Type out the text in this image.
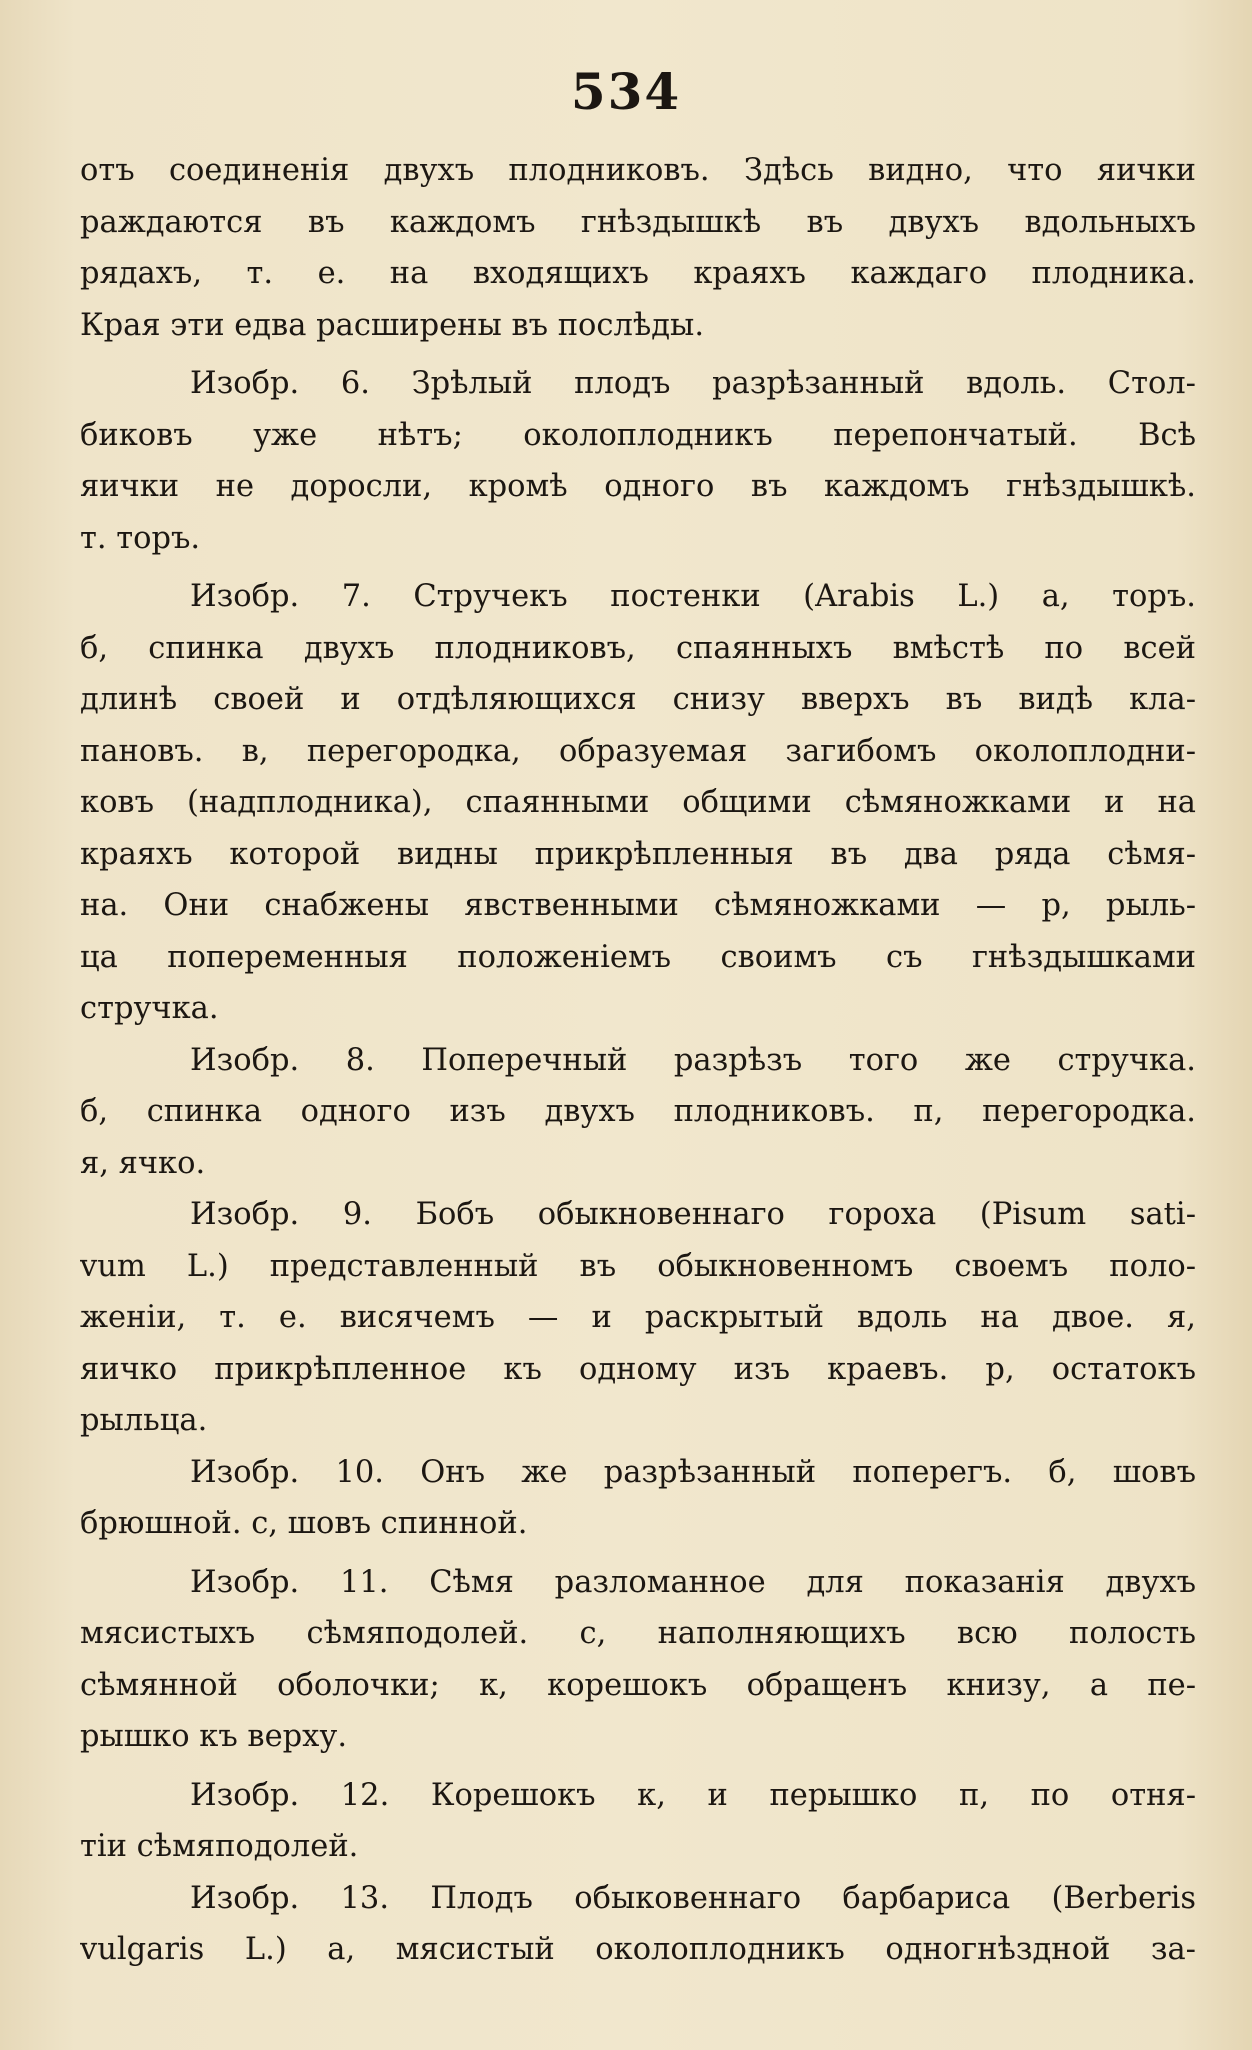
534
отъ соединенія двухъ плодниковъ. Здѣсь видно, что яички
раждаются въ каждомъ гнѣздышкѣ въ двухъ вдольныхъ
рядахъ, т. е. на входящихъ краяхъ каждаго плодника.
Края эти едва расширены въ послѣды.
Изобр. 6. Зрѣлый плодъ разрѣзанный вдоль. Стол-
биковъ уже нѣтъ; околоплодникъ перепончатый. Всѣ
яички не доросли, кромѣ одного въ каждомъ гнѣздышкѣ.
т. торъ.
Изобр. 7. Стручекъ постенки (Arabis L.) а, торъ.
б, спинка двухъ плодниковъ, спаянныхъ вмѣстѣ по всей
длинѣ своей и отдѣляющихся снизу вверхъ въ видѣ кла-
пановъ. в, перегородка, образуемая загибомъ околоплодни-
ковъ (надплодника), спаянными общими сѣмяножками и на
краяхъ которой видны прикрѣпленныя въ два ряда сѣмя-
на. Они снабжены явственными сѣмяножками — р, рыль-
ца попеременныя положеніемъ своимъ съ гнѣздышками
стручка.
Изобр. 8. Поперечный разрѣзъ того же стручка.
б, спинка одного изъ двухъ плодниковъ. п, перегородка.
я, ячко.
Изобр. 9. Бобъ обыкновеннаго гороха (Pisum sati-
vum L.) представленный въ обыкновенномъ своемъ поло-
женіи, т. е. висячемъ — и раскрытый вдоль на двое. я,
яичко прикрѣпленное къ одному изъ краевъ. р, остатокъ
рыльца.
Изобр. 10. Онъ же разрѣзанный поперегъ. б, шовъ
брюшной. с, шовъ спинной.
Изобр. 11. Сѣмя разломанное для показанія двухъ
мясистыхъ сѣмяподолей. с, наполняющихъ всю полость
сѣмянной оболочки; к, корешокъ обращенъ книзу, а пе-
рышко къ верху.
Изобр. 12. Корешокъ к, и перышко п, по отня-
тіи сѣмяподолей.
Изобр. 13. Плодъ обыковеннаго барбариса (Berberis
vulgaris L.) а, мясистый околоплодникъ одногнѣздной за-
